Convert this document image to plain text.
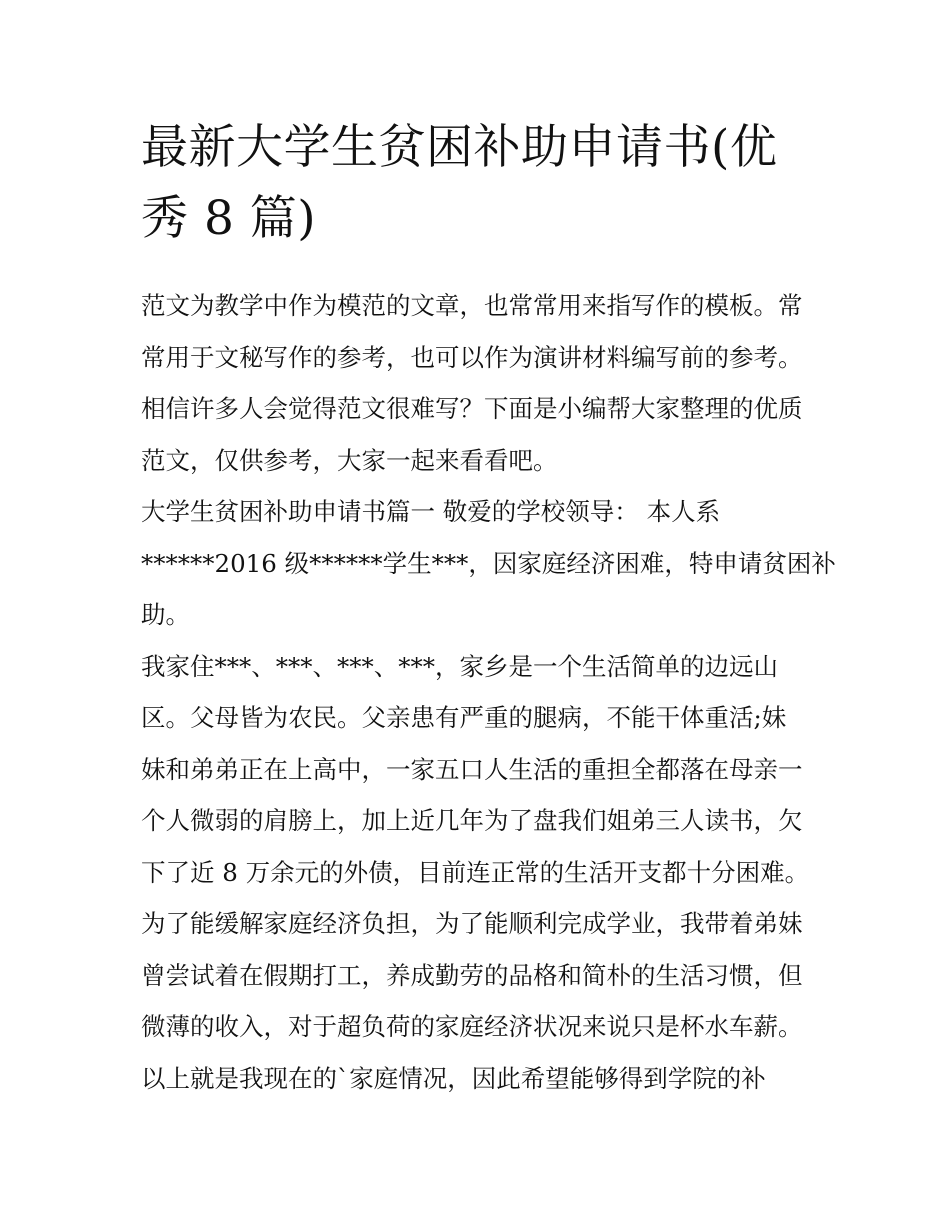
最新大学生贫困补助申请书(优
秀 8 篇)

范文为教学中作为模范的文章，也常常用来指写作的模板。常
常用于文秘写作的参考，也可以作为演讲材料编写前的参考。
相信许多人会觉得范文很难写？下面是小编帮大家整理的优质
范文，仅供参考，大家一起来看看吧。

大学生贫困补助申请书篇一 敬爱的学校领导： 本人系
******2016 级******学生***，因家庭经济困难，特申请贫困补
助。

我家住***、***、***、***，家乡是一个生活简单的边远山
区。父母皆为农民。父亲患有严重的腿病，不能干体重活;妹
妹和弟弟正在上高中，一家五口人生活的重担全都落在母亲一
个人微弱的肩膀上，加上近几年为了盘我们姐弟三人读书，欠
下了近 8 万余元的外债，目前连正常的生活开支都十分困难。
为了能缓解家庭经济负担，为了能顺利完成学业，我带着弟妹
曾尝试着在假期打工，养成勤劳的品格和简朴的生活习惯，但
微薄的收入，对于超负荷的家庭经济状况来说只是杯水车薪。
以上就是我现在的`家庭情况，因此希望能够得到学院的补
